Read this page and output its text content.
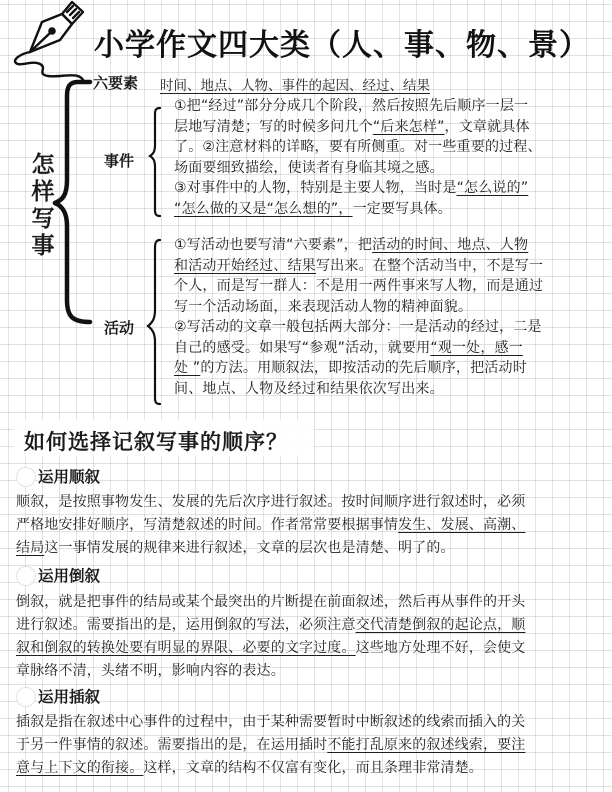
小学作文四大类（人、事、物、景）
六要素 时间、地点、人物、事件的起因、经过、结果
怎样写事	事件
活动
①把“经过”部分分成几个阶段，然后按照先后顺序一层一
层地写清楚；写的时候多问几个“后来怎样”，文章就具体
了。②注意材料的详略，要有所侧重。对一些重要的过程、
场面要细致描绘，使读者有身临其境之感。
③对事件中的人物，特别是主要人物，当时是“怎么说的”
“怎么做的又是“怎么想的”，一定要写具体。
①写活动也要写清“六要素”，把活动的时间、地点、人物
和活动开始经过、结果写出来。在整个活动当中，不是写一
个人，而是写一群人：不是用一两件事来写人物，而是通过
写一个活动场面，来表现活动人物的精神面貌。
②写活动的文章一般包括两大部分：一是活动的经过，二是
自己的感受。如果写“参观”活动，就要用“观一处，感一
处 ”的方法。用顺叙法，即按活动的先后顺序，把活动时
间、地点、人物及经过和结果依次写出来。
如何选择记叙写事的顺序？
运用顺叙
顺叙，是按照事物发生、发展的先后次序进行叙述。按时间顺序进行叙述时，必须
严格地安排好顺序，写清楚叙述的时间。作者常常要根据事情发生、发展、高潮、
结局这一事情发展的规律来进行叙述，文章的层次也是清楚、明了的。
运用倒叙
倒叙，就是把事件的结局或某个最突出的片断提在前面叙述，然后再从事件的开头
进行叙述。需要指出的是，运用倒叙的写法，必须注意交代清楚倒叙的起论点，顺
叙和倒叙的转换处要有明显的界限、必要的文字过度。这些地方处理不好，会使文
章脉络不清，头绪不明，影响内容的表达。
运用插叙
插叙是指在叙述中心事件的过程中，由于某种需要暂时中断叙述的线索而插入的关
于另一件事情的叙述。需要指出的是，在运用插时不能打乱原来的叙述线索，要注
意与上下文的衔接。这样，文章的结构不仅富有变化，而且条理非常清楚。
